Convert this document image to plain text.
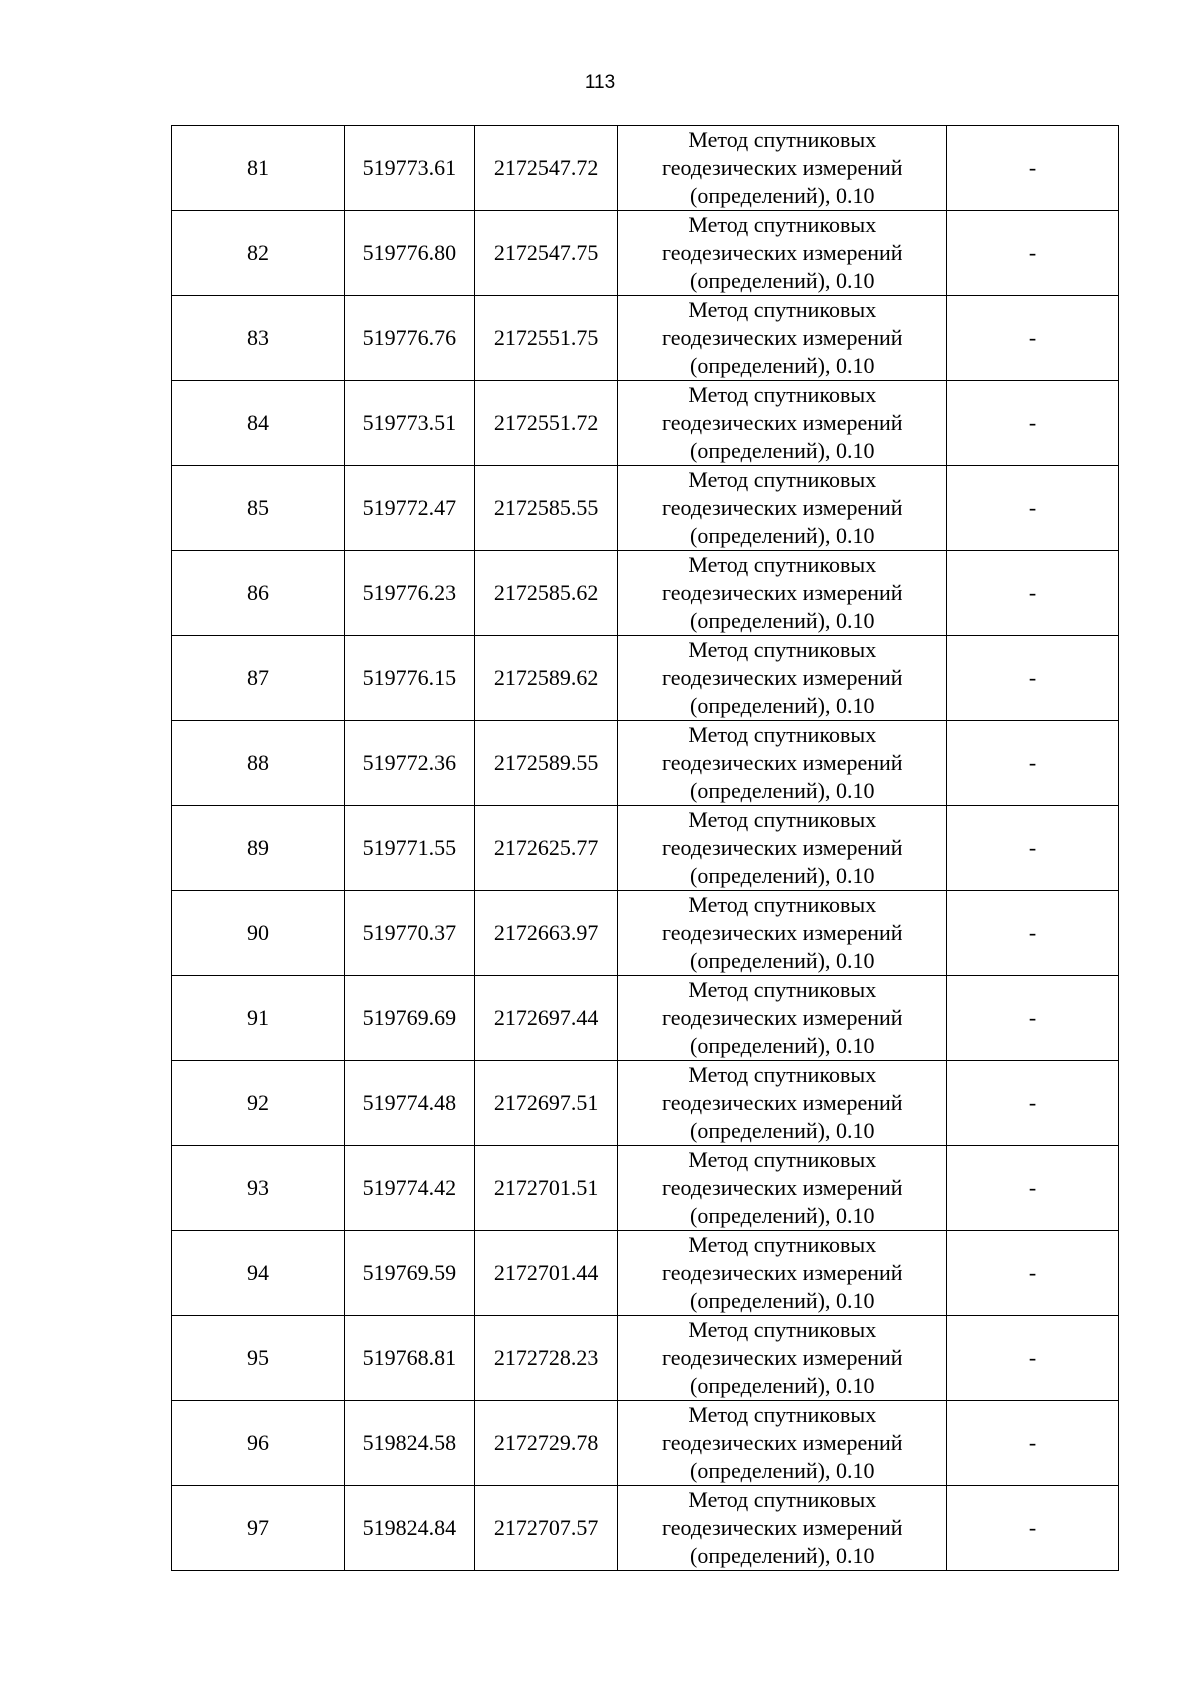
113
81	519773.61	2172547.72	Метод спутниковых
геодезических измерений
(определений), 0.10	-
82	519776.80	2172547.75	Метод спутниковых
геодезических измерений
(определений), 0.10	-
83	519776.76	2172551.75	Метод спутниковых
геодезических измерений
(определений), 0.10	-
84	519773.51	2172551.72	Метод спутниковых
геодезических измерений
(определений), 0.10	-
85	519772.47	2172585.55	Метод спутниковых
геодезических измерений
(определений), 0.10	-
86	519776.23	2172585.62	Метод спутниковых
геодезических измерений
(определений), 0.10	-
87	519776.15	2172589.62	Метод спутниковых
геодезических измерений
(определений), 0.10	-
88	519772.36	2172589.55	Метод спутниковых
геодезических измерений
(определений), 0.10	-
89	519771.55	2172625.77	Метод спутниковых
геодезических измерений
(определений), 0.10	-
90	519770.37	2172663.97	Метод спутниковых
геодезических измерений
(определений), 0.10	-
91	519769.69	2172697.44	Метод спутниковых
геодезических измерений
(определений), 0.10	-
92	519774.48	2172697.51	Метод спутниковых
геодезических измерений
(определений), 0.10	-
93	519774.42	2172701.51	Метод спутниковых
геодезических измерений
(определений), 0.10	-
94	519769.59	2172701.44	Метод спутниковых
геодезических измерений
(определений), 0.10	-
95	519768.81	2172728.23	Метод спутниковых
геодезических измерений
(определений), 0.10	-
96	519824.58	2172729.78	Метод спутниковых
геодезических измерений
(определений), 0.10	-
97	519824.84	2172707.57	Метод спутниковых
геодезических измерений
(определений), 0.10	-
